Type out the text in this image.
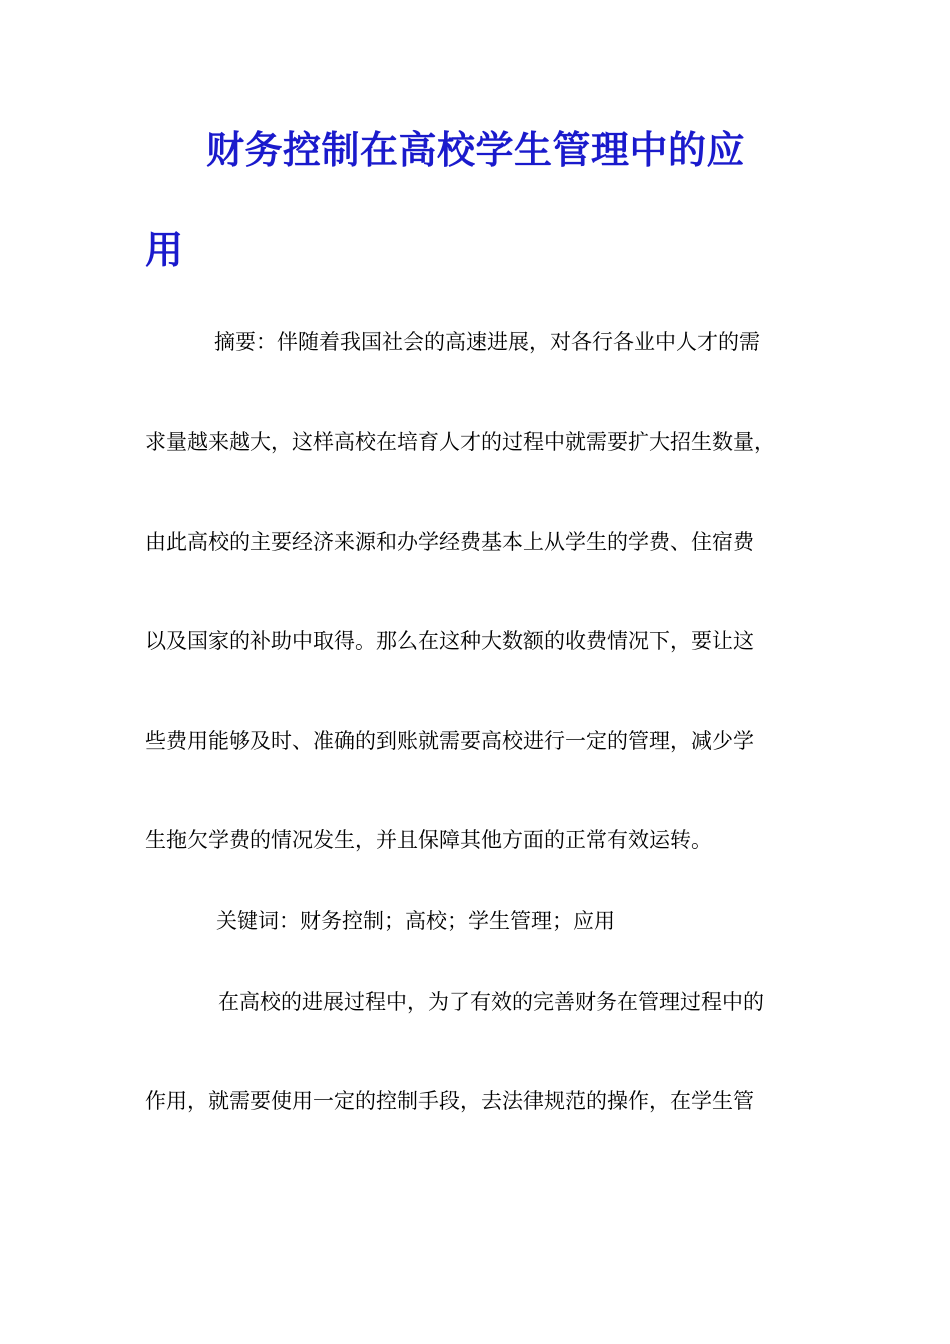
财务控制在高校学生管理中的应
用

摘要：伴随着我国社会的高速进展，对各行各业中人才的需

求量越来越大，这样高校在培育人才的过程中就需要扩大招生数量，

由此高校的主要经济来源和办学经费基本上从学生的学费、住宿费

以及国家的补助中取得。那么在这种大数额的收费情况下，要让这

些费用能够及时、准确的到账就需要高校进行一定的管理，减少学

生拖欠学费的情况发生，并且保障其他方面的正常有效运转。

关键词：财务控制；高校；学生管理；应用

在高校的进展过程中，为了有效的完善财务在管理过程中的

作用，就需要使用一定的控制手段，去法律规范的操作，在学生管
